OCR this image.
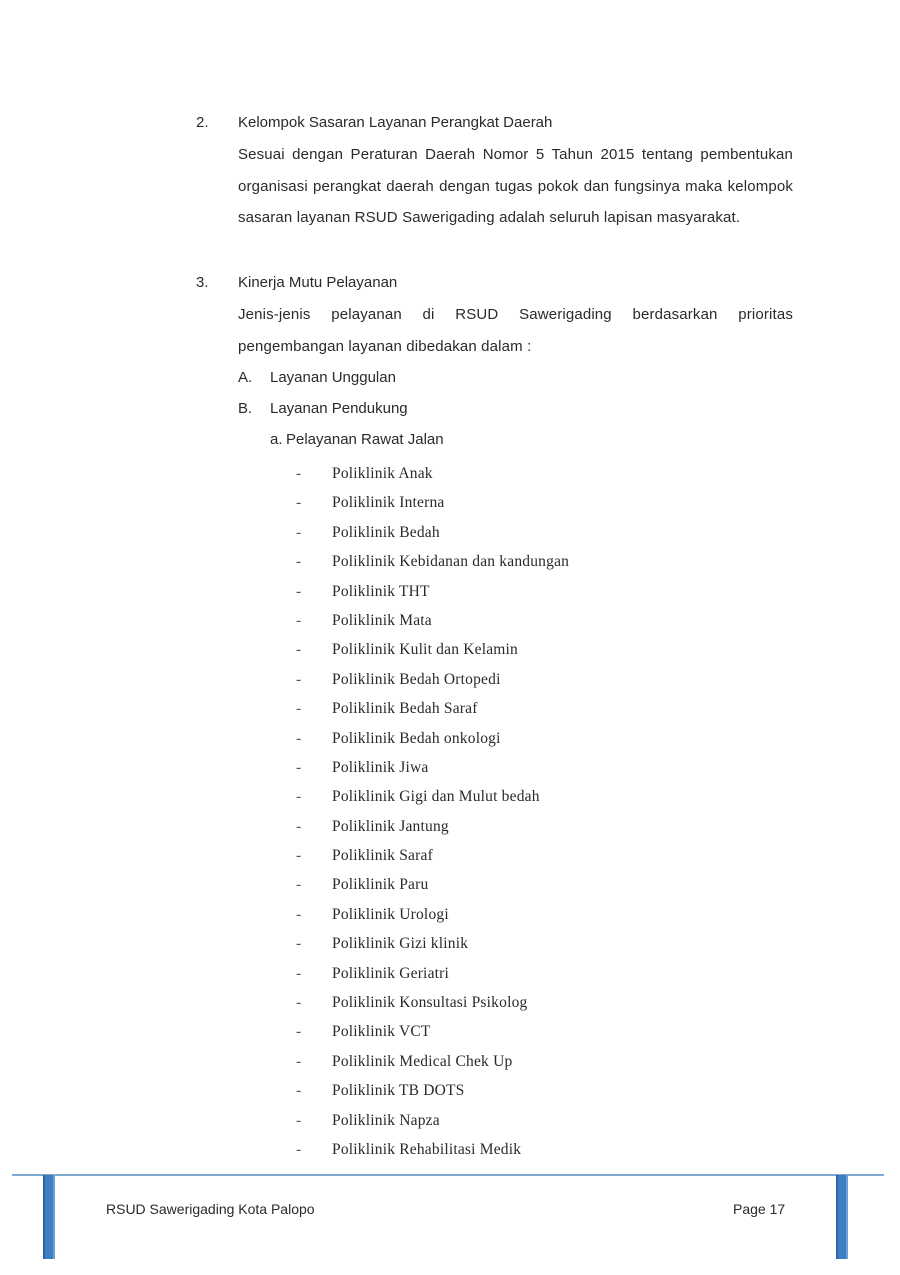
2. Kelompok Sasaran Layanan Perangkat Daerah
Sesuai dengan Peraturan Daerah Nomor 5 Tahun 2015 tentang pembentukan organisasi perangkat daerah dengan tugas pokok dan fungsinya maka kelompok sasaran layanan RSUD Sawerigading adalah seluruh lapisan masyarakat.
3. Kinerja Mutu Pelayanan
Jenis-jenis pelayanan di RSUD Sawerigading berdasarkan prioritas pengembangan layanan dibedakan dalam :
A. Layanan Unggulan
B. Layanan Pendukung
a. Pelayanan Rawat Jalan
- Poliklinik Anak
- Poliklinik Interna
- Poliklinik Bedah
- Poliklinik Kebidanan dan kandungan
- Poliklinik THT
- Poliklinik Mata
- Poliklinik Kulit dan Kelamin
- Poliklinik Bedah Ortopedi
- Poliklinik Bedah Saraf
- Poliklinik Bedah onkologi
- Poliklinik Jiwa
- Poliklinik Gigi dan Mulut bedah
- Poliklinik Jantung
- Poliklinik Saraf
- Poliklinik Paru
- Poliklinik Urologi
- Poliklinik Gizi klinik
- Poliklinik Geriatri
- Poliklinik Konsultasi Psikolog
- Poliklinik VCT
- Poliklinik Medical Chek Up
- Poliklinik TB DOTS
- Poliklinik Napza
- Poliklinik Rehabilitasi Medik
RSUD Sawerigading Kota Palopo	Page 17
